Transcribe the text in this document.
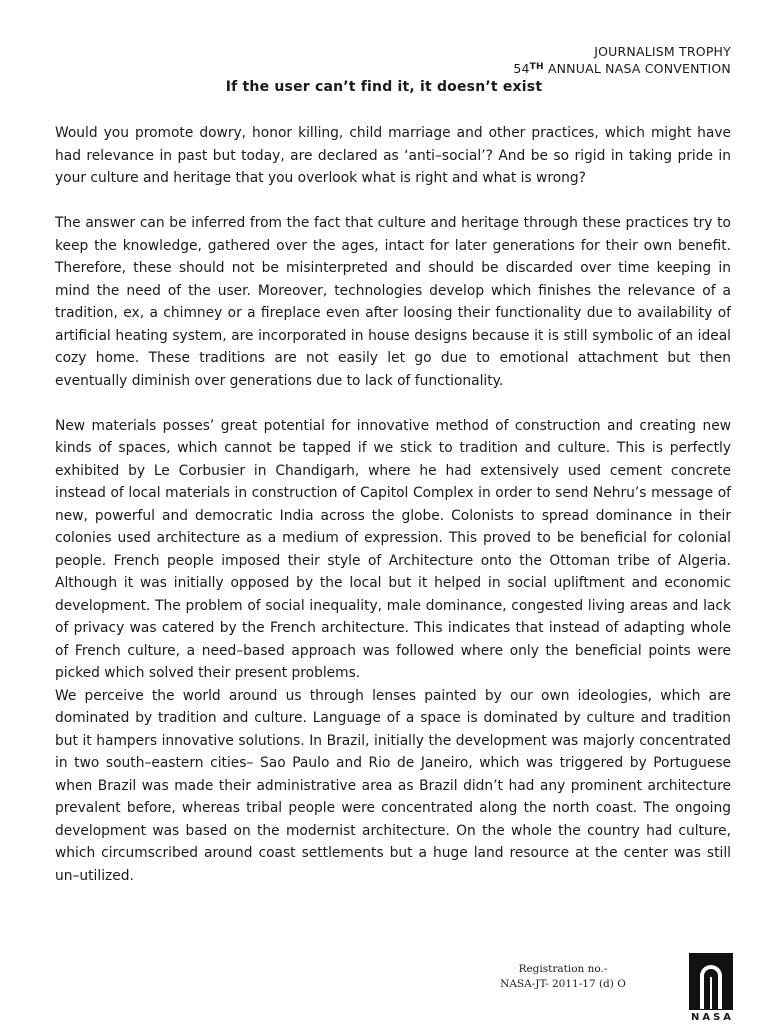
JOURNALISM TROPHY
54TH ANNUAL NASA CONVENTION
If the user can’t find it, it doesn’t exist

Would you promote dowry, honor killing, child marriage and other practices, which might have had relevance in past but today, are declared as ‘anti–social’? And be so rigid in taking pride in your culture and heritage that you overlook what is right and what is wrong?

The answer can be inferred from the fact that culture and heritage through these practices try to keep the knowledge, gathered over the ages, intact for later generations for their own benefit. Therefore, these should not be misinterpreted and should be discarded over time keeping in mind the need of the user. Moreover, technologies develop which finishes the relevance of a tradition, ex, a chimney or a fireplace even after loosing their functionality due to availability of artificial heating system, are incorporated in house designs because it is still symbolic of an ideal cozy home. These traditions are not easily let go due to emotional attachment but then eventually diminish over generations due to lack of functionality.

New materials posses’ great potential for innovative method of construction and creating new kinds of spaces, which cannot be tapped if we stick to tradition and culture. This is perfectly exhibited by Le Corbusier in Chandigarh, where he had extensively used cement concrete instead of local materials in construction of Capitol Complex in order to send Nehru’s message of new, powerful and democratic India across the globe. Colonists to spread dominance in their colonies used architecture as a medium of expression. This proved to be beneficial for colonial people. French people imposed their style of Architecture onto the Ottoman tribe of Algeria. Although it was initially opposed by the local but it helped in social upliftment and economic development. The problem of social inequality, male dominance, congested living areas and lack of privacy was catered by the French architecture. This indicates that instead of adapting whole of French culture, a need–based approach was followed where only the beneficial points were picked which solved their present problems.

We perceive the world around us through lenses painted by our own ideologies, which are dominated by tradition and culture. Language of a space is dominated by culture and tradition but it hampers innovative solutions. In Brazil, initially the development was majorly concentrated in two south–eastern cities– Sao Paulo and Rio de Janeiro, which was triggered by Portuguese when Brazil was made their administrative area as Brazil didn’t had any prominent architecture prevalent before, whereas tribal people were concentrated along the north coast. The ongoing development was based on the modernist architecture. On the whole the country had culture, which circumscribed around coast settlements but a huge land resource at the center was still un–utilized.

Registration no.-
NASA-JT- 2011-17 (d) O
NASA
